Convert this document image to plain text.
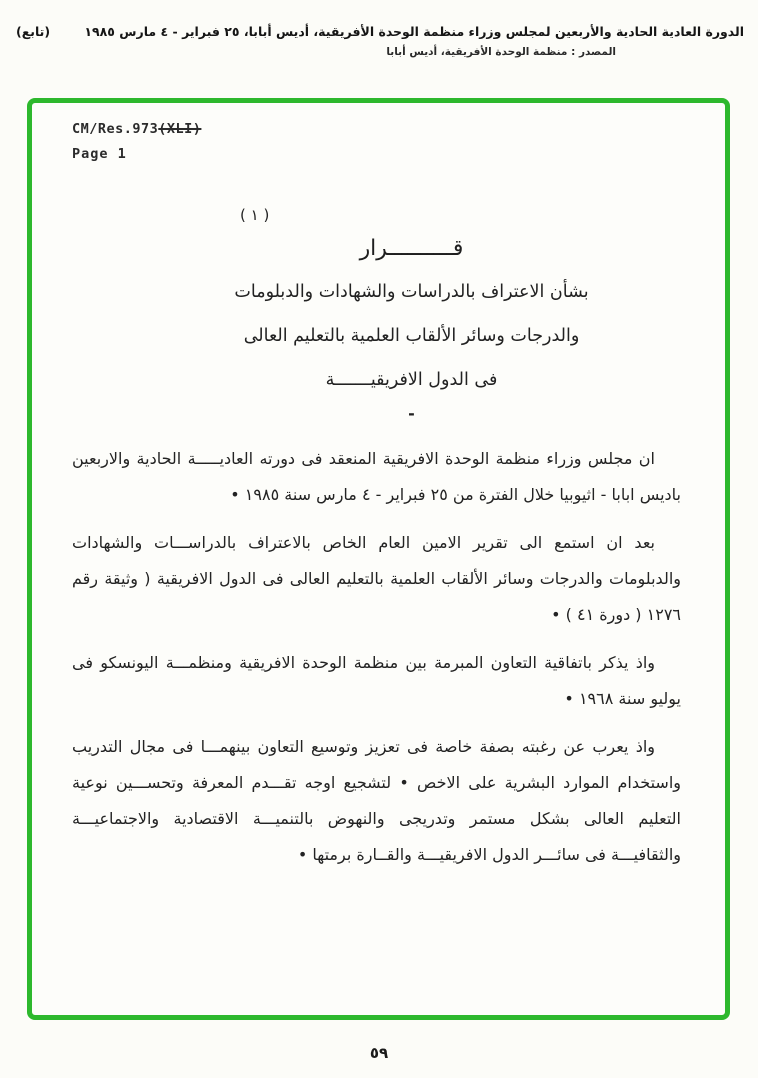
الدورة العادية الحادية والأربعين لمجلس وزراء منظمة الوحدة الأفريقية، أديس أبابا، ٢٥ فبراير - ٤ مارس ١٩٨٥
(تابع)
المصدر : منظمة الوحدة الأفريقية، أديس أبابا
CM/Res.973(XLI)
Page 1
( ١ )
قــــــــــرار
بشأن الاعتراف بالدراسات والشهادات والدبلومات
والدرجات وسائر الألقاب العلمية بالتعليم العالى
فى الدول الافريقيـــــــة
-

ان مجلس وزراء منظمة الوحدة الافريقية المنعقد فى دورته العاديـــــة الحادية والاربعين باديس ابابا - اثيوبيا خلال الفترة من ٢٥ فبراير - ٤ مارس سنة ١٩٨٥ •

بعد ان استمع الى تقرير الامين العام الخاص بالاعتراف بالدراســـات والشهادات والدبلومات والدرجات وسائر الألقاب العلمية بالتعليم العالى فى الدول الافريقية ( وثيقة رقم ١٢٧٦ ( دورة ٤١ ) •

واذ يذكر باتفاقية التعاون المبرمة بين منظمة الوحدة الافريقية ومنظمـــة اليونسكو فى يوليو سنة ١٩٦٨ •

واذ يعرب عن رغبته بصفة خاصة فى تعزيز وتوسيع التعاون بينهمـــا فى مجال التدريب واستخدام الموارد البشرية على الاخص • لتشجيع اوجه تقـــدم المعرفة وتحســـين نوعية التعليم العالى بشكل مستمر وتدريجى والنهوض بالتنميـــة الاقتصادية والاجتماعيـــة والثقافيـــة فى سائـــر الدول الافريقيـــة والقــارة برمتها •

٥٩
